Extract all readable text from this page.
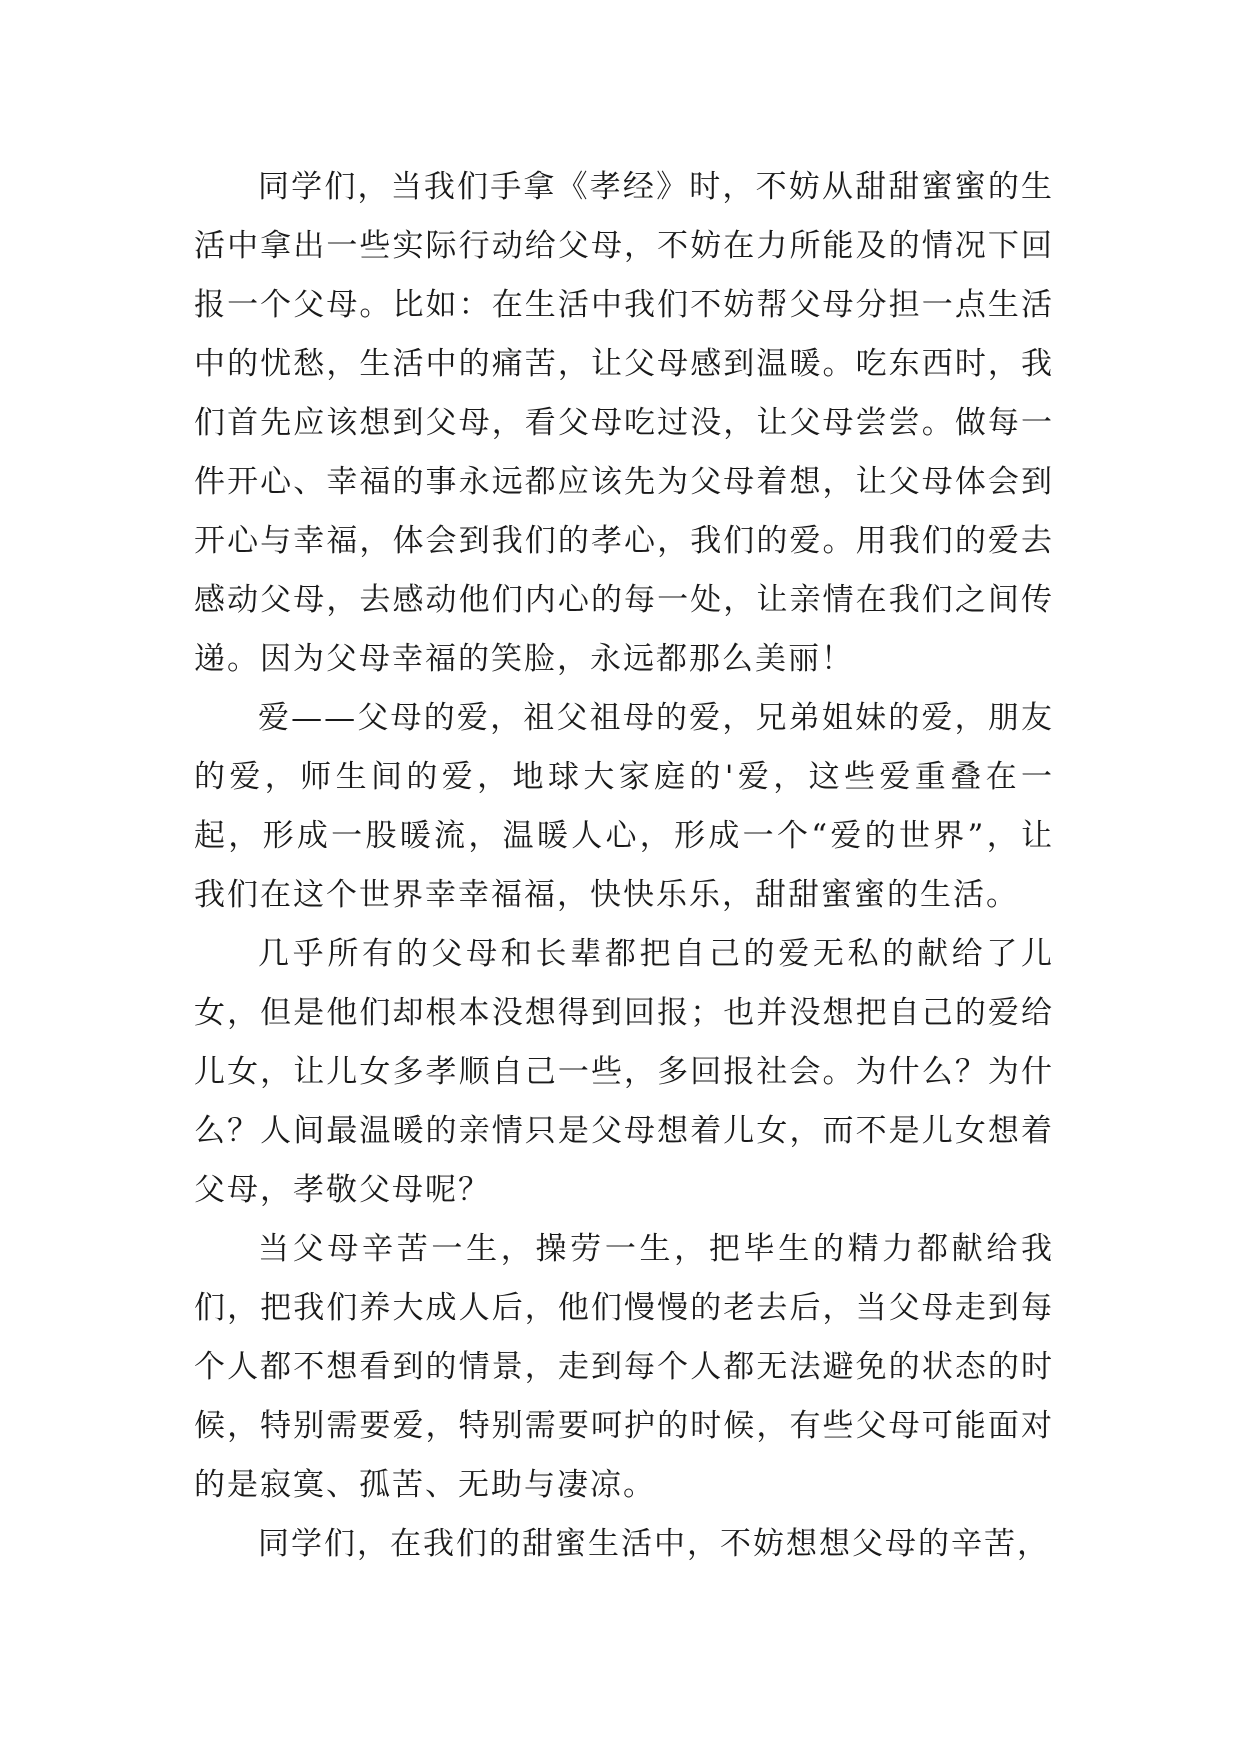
同学们，当我们手拿《孝经》时，不妨从甜甜蜜蜜的生活中拿出一些实际行动给父母，不妨在力所能及的情况下回报一个父母。比如：在生活中我们不妨帮父母分担一点生活中的忧愁，生活中的痛苦，让父母感到温暖。吃东西时，我们首先应该想到父母，看父母吃过没，让父母尝尝。做每一件开心、幸福的事永远都应该先为父母着想，让父母体会到开心与幸福，体会到我们的孝心，我们的爱。用我们的爱去感动父母，去感动他们内心的每一处，让亲情在我们之间传递。因为父母幸福的笑脸，永远都那么美丽！

爱——父母的爱，祖父祖母的爱，兄弟姐妹的爱，朋友的爱，师生间的爱，地球大家庭的'爱，这些爱重叠在一起，形成一股暖流，温暖人心，形成一个“爱的世界”，让我们在这个世界幸幸福福，快快乐乐，甜甜蜜蜜的生活。

几乎所有的父母和长辈都把自己的爱无私的献给了儿女，但是他们却根本没想得到回报；也并没想把自己的爱给儿女，让儿女多孝顺自己一些，多回报社会。为什么？为什么？人间最温暖的亲情只是父母想着儿女，而不是儿女想着父母，孝敬父母呢？

当父母辛苦一生，操劳一生，把毕生的精力都献给我们，把我们养大成人后，他们慢慢的老去后，当父母走到每个人都不想看到的情景，走到每个人都无法避免的状态的时候，特别需要爱，特别需要呵护的时候，有些父母可能面对的是寂寞、孤苦、无助与凄凉。

同学们，在我们的甜蜜生活中，不妨想想父母的辛苦，
